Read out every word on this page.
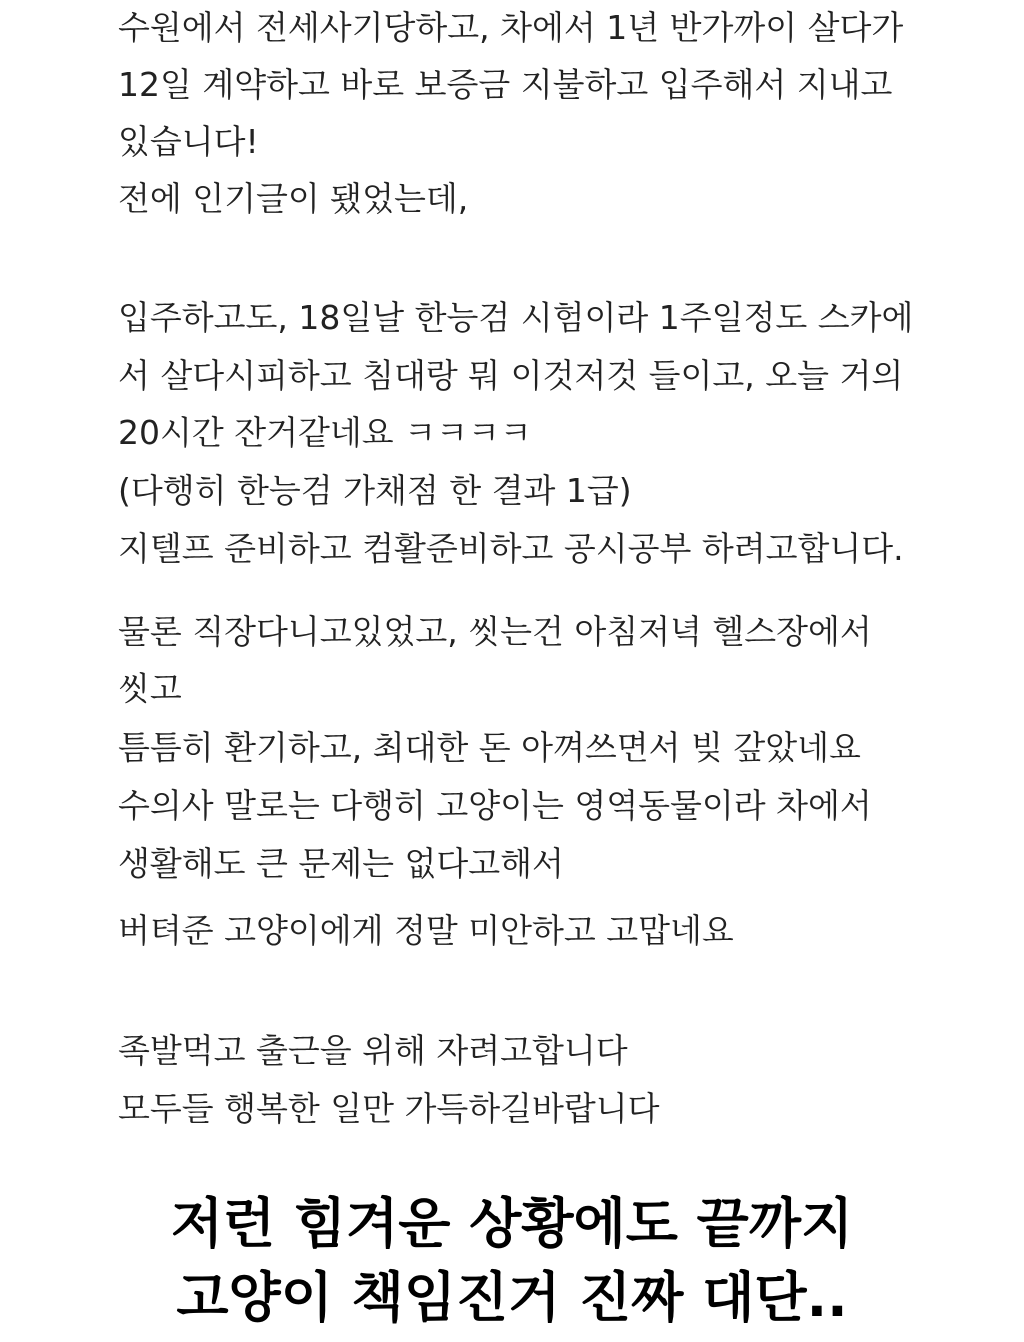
수원에서 전세사기당하고, 차에서 1년 반가까이 살다가
12일 계약하고 바로 보증금 지불하고 입주해서 지내고
있습니다!
전에 인기글이 됐었는데,
입주하고도, 18일날 한능검 시험이라 1주일정도 스카에
서 살다시피하고 침대랑 뭐 이것저것 들이고, 오늘 거의
20시간 잔거같네요 ㅋㅋㅋㅋ
(다행히 한능검 가채점 한 결과 1급)
지텔프 준비하고 컴활준비하고 공시공부 하려고합니다.
물론 직장다니고있었고, 씻는건 아침저녁 헬스장에서
씻고
틈틈히 환기하고, 최대한 돈 아껴쓰면서 빚 갚았네요
수의사 말로는 다행히 고양이는 영역동물이라 차에서
생활해도 큰 문제는 없다고해서
버텨준 고양이에게 정말 미안하고 고맙네요
족발먹고 출근을 위해 자려고합니다
모두들 행복한 일만 가득하길바랍니다
저런 힘겨운 상황에도 끝까지
고양이 책임진거 진짜 대단..
